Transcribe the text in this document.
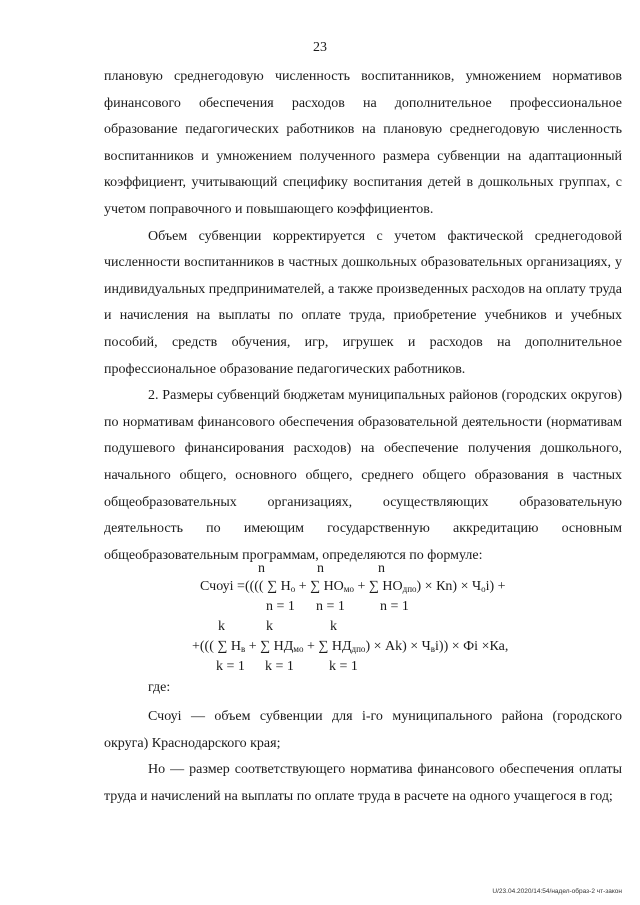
23

плановую среднегодовую численность воспитанников, умножением нормативов финансового обеспечения расходов на дополнительное профессиональное образование педагогических работников на плановую среднегодовую численность воспитанников и умножением полученного размера субвенции на адаптационный коэффициент, учитывающий специфику воспитания детей в дошкольных группах, с учетом поправочного и повышающего коэффициентов.

Объем субвенции корректируется с учетом фактической среднегодовой численности воспитанников в частных дошкольных образовательных организациях, у индивидуальных предпринимателей, а также произведенных расходов на оплату труда и начисления на выплаты по оплате труда, приобретение учебников и учебных пособий, средств обучения, игр, игрушек и расходов на дополнительное профессиональное образование педагогических работников.

2. Размеры субвенций бюджетам муниципальных районов (городских округов) по нормативам финансового обеспечения образовательной деятельности (нормативам подушевого финансирования расходов) на обеспечение получения дошкольного, начального общего, основного общего, среднего общего образования в частных общеобразовательных организациях, осуществляющих образовательную деятельность по имеющим государственную аккредитацию основным общеобразовательным программам, определяются по формуле:

n	n	n
Счоуi =(((( ∑ $Н_о$ + ∑ $НО_{мо}$ + ∑ $НО_{дпо}) \times Кn) \times Ч_оi$) +
n = 1 n = 1	n = 1
k	k	k
+((( ∑ $Н_в$ + ∑ $НД_{мо}$ + ∑ $НД_{дпо}) \times Аk) \times Ч_вi$)) × Фi ×Ка,
k = 1 k = 1	k = 1
где:

Счоуi — объем субвенции для i-го муниципального района (городского округа) Краснодарского края;

Но — размер соответствующего норматива финансового обеспечения оплаты труда и начислений на выплаты по оплате труда в расчете на одного учащегося в год;

U/23.04.2020/14:54/надел-образ-2 чт-закон
